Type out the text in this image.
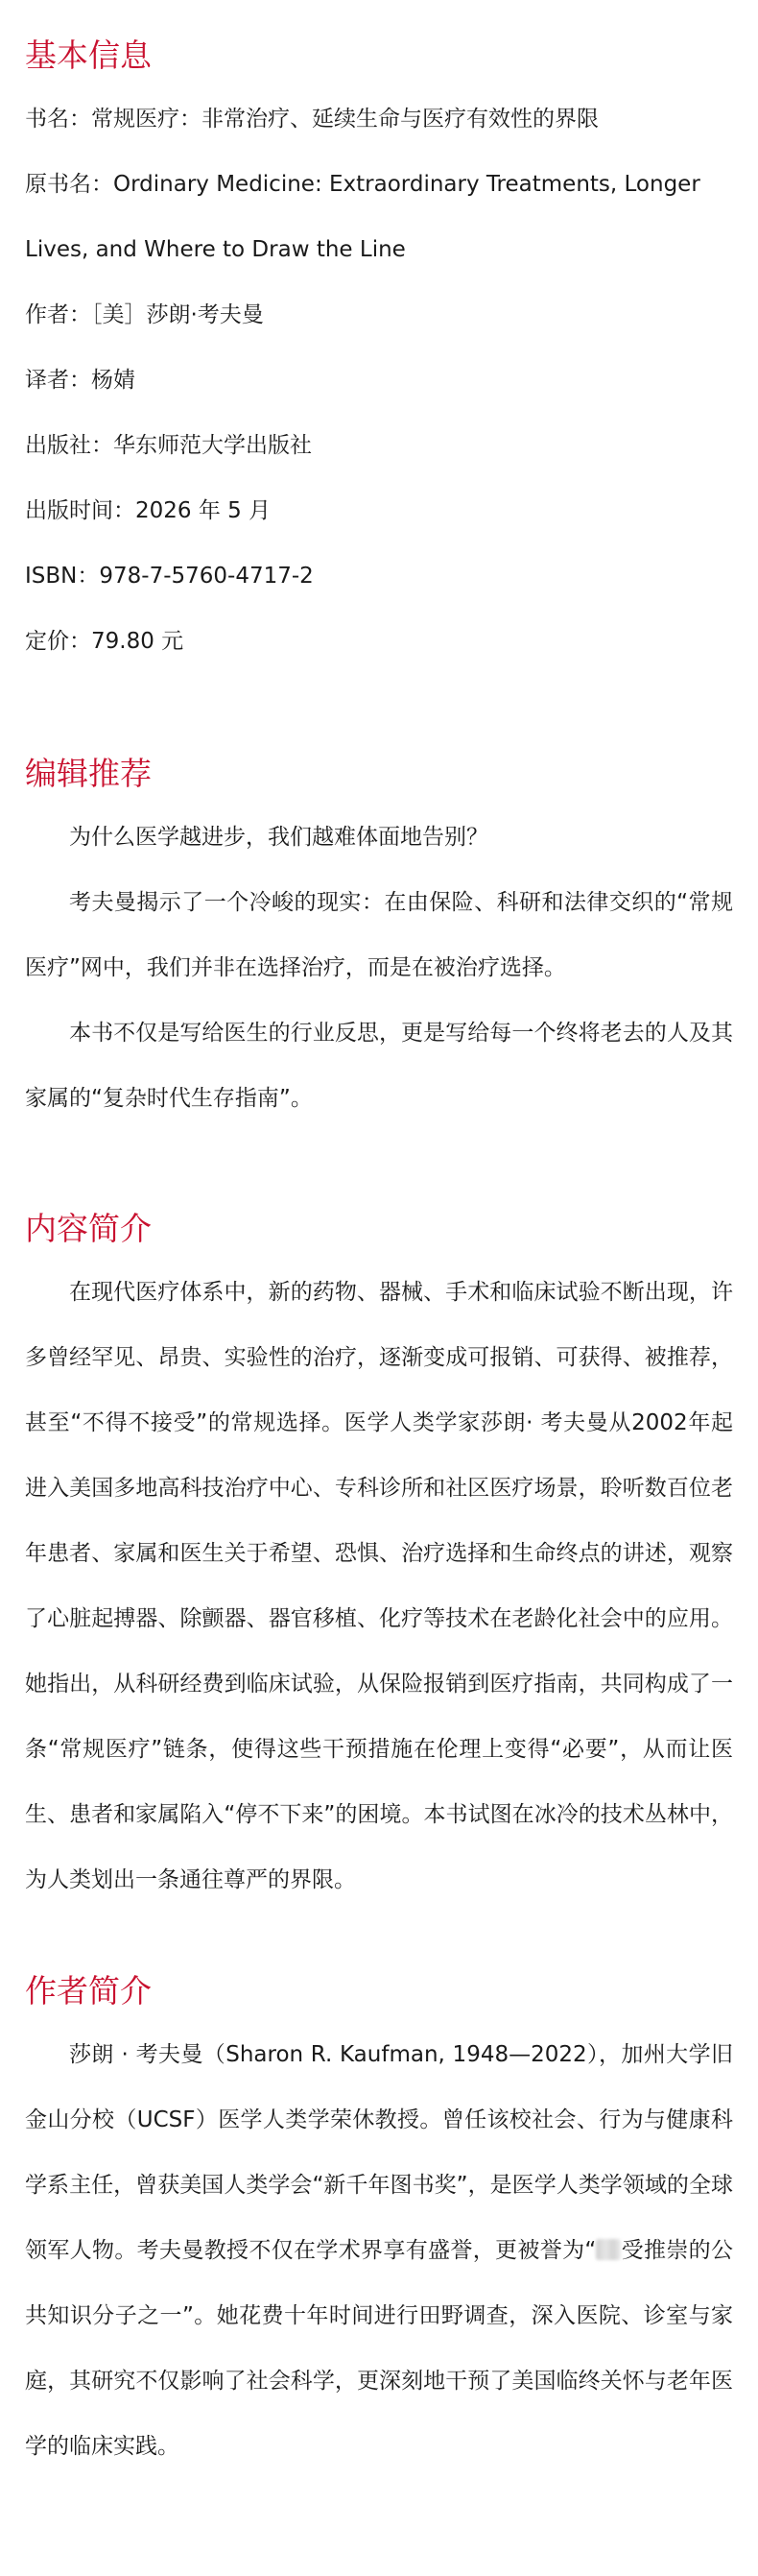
基本信息

书名：常规医疗：非常治疗、延续生命与医疗有效性的界限

原书名：Ordinary Medicine: Extraordinary Treatments, Longer

Lives, and Where to Draw the Line

作者：［美］莎朗·考夫曼

译者：杨婧

出版社：华东师范大学出版社

出版时间：2026 年 5 月

ISBN：978-7-5760-4717-2

定价：79.80 元

编辑推荐

为什么医学越进步，我们越难体面地告别？

考夫曼揭示了一个冷峻的现实：在由保险、科研和法律交织的“常规医疗”网中，我们并非在选择治疗，而是在被治疗选择。

本书不仅是写给医生的行业反思，更是写给每一个终将老去的人及其家属的“复杂时代生存指南”。

内容简介

在现代医疗体系中，新的药物、器械、手术和临床试验不断出现，许多曾经罕见、昂贵、实验性的治疗，逐渐变成可报销、可获得、被推荐，甚至“不得不接受”的常规选择。医学人类学家莎朗· 考夫曼从2002年起进入美国多地高科技治疗中心、专科诊所和社区医疗场景，聆听数百位老年患者、家属和医生关于希望、恐惧、治疗选择和生命终点的讲述，观察了心脏起搏器、除颤器、器官移植、化疗等技术在老龄化社会中的应用。她指出，从科研经费到临床试验，从保险报销到医疗指南，共同构成了一条“常规医疗”链条，使得这些干预措施在伦理上变得“必要”，从而让医生、患者和家属陷入“停不下来”的困境。本书试图在冰冷的技术丛林中，为人类划出一条通往尊严的界限。

作者简介

莎朗 · 考夫曼（Sharon R. Kaufman, 1948—2022），加州大学旧金山分校（UCSF）医学人类学荣休教授。曾任该校社会、行为与健康科学系主任，曾获美国人类学会“新千年图书奖”，是医学人类学领域的全球领军人物。考夫曼教授不仅在学术界享有盛誉，更被誉为“ 受推崇的公共知识分子之一”。她花费十年时间进行田野调查，深入医院、诊室与家庭，其研究不仅影响了社会科学，更深刻地干预了美国临终关怀与老年医学的临床实践。
